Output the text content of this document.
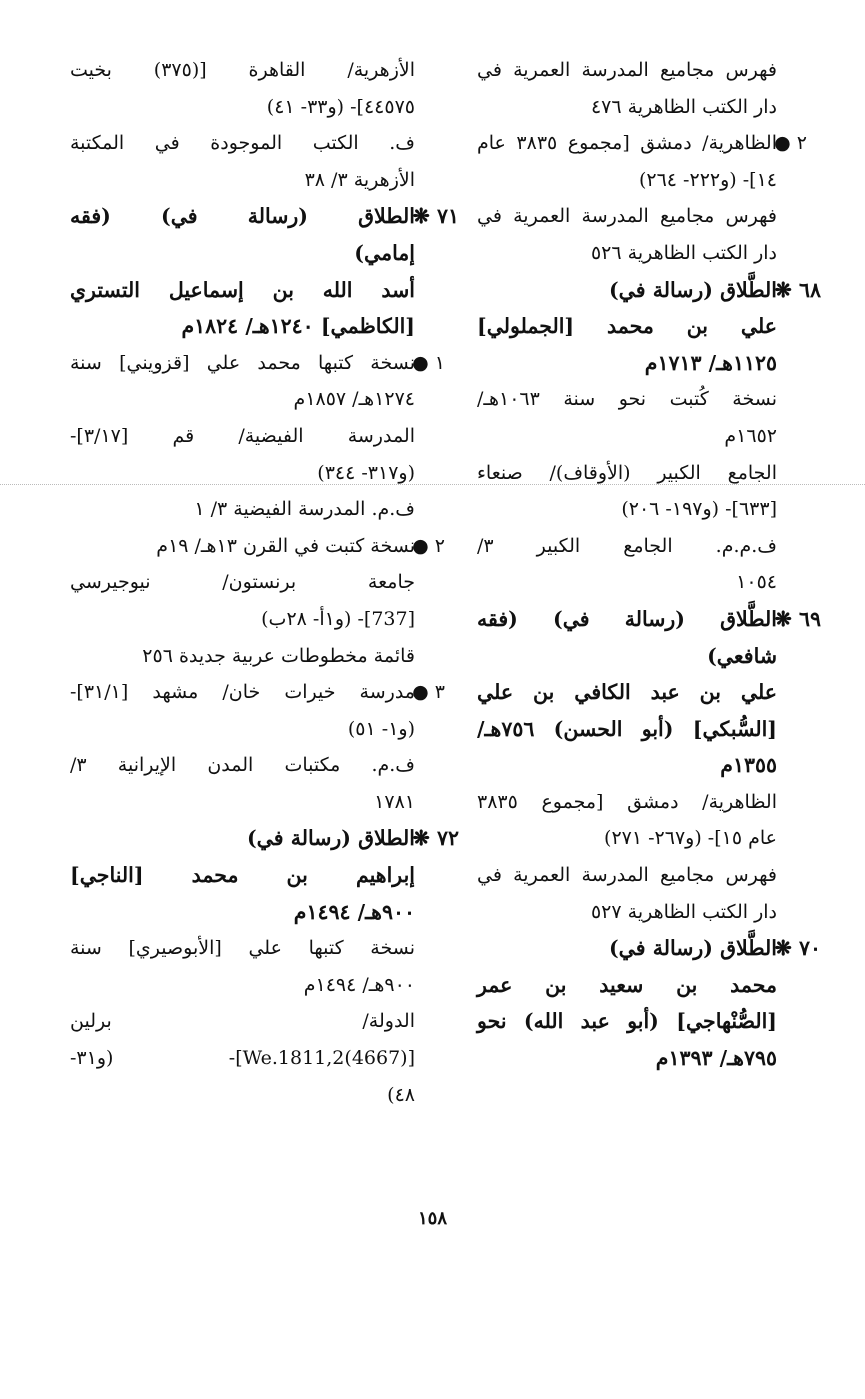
فهرس مجاميع المدرسة العمرية في
دار الكتب الظاهرية ٤٧٦
٢ ●
الظاهرية/ دمشق [مجموع ٣٨٣٥ عام
١٤]- (و٢٢٢- ٢٦٤)
فهرس مجاميع المدرسة العمرية في
دار الكتب الظاهرية ٥٢٦
٦٨ ❋
الطَّلاق (رسالة في)
علي بن محمد [الجملولي]
١١٢٥هـ/ ١٧١٣م
نسخة كُتبت نحو سنة ١٠٦٣هـ/
١٦٥٢م
الجامع الكبير (الأوقاف)/ صنعاء
[٦٣٣]- (و١٩٧- ٢٠٦)
ف.م.م. الجامع الكبير ٣/
١٠٥٤
٦٩ ❋
الطَّلاق (رسالة في) (فقه
شافعي)
علي بن عبد الكافي بن علي
[السُّبكي] (أبو الحسن) ٧٥٦هـ/
١٣٥٥م
الظاهرية/ دمشق [مجموع ٣٨٣٥
عام ١٥]- (و٢٦٧- ٢٧١)
فهرس مجاميع المدرسة العمرية في
دار الكتب الظاهرية ٥٢٧
٧٠ ❋
الطَّلاق (رسالة في)
محمد بن سعيد بن عمر
[الصُّنْهاجي] (أبو عبد الله) نحو
٧٩٥هـ/ ١٣٩٣م
الأزهرية/ القاهرة [(٣٧٥) بخيت
٤٤٥٧٥]- (و٣٣- ٤١)
ف. الكتب الموجودة في المكتبة
الأزهرية ٣/ ٣٨
٧١ ❋
الطلاق (رسالة في) (فقه
إمامي)
أسد الله بن إسماعيل التستري
[الكاظمي] ١٢٤٠هـ/ ١٨٢٤م
١ ●
نسخة كتبها محمد علي [قزويني] سنة
١٢٧٤هـ/ ١٨٥٧م
المدرسة الفيضية/ قم [٣/١٧]-
(و٣١٧- ٣٤٤)
ف.م. المدرسة الفيضية ٣/ ١
٢ ●
نسخة كتبت في القرن ١٣هـ/ ١٩م
جامعة برنستون/ نيوجيرسي
[737]- (و١أ- ٢٨ب)
قائمة مخطوطات عربية جديدة ٢٥٦
٣ ●
مدرسة خيرات خان/ مشهد [٣١/١]-
(و١- ٥١)
ف.م. مكتبات المدن الإيرانية ٣/
١٧٨١
٧٢ ❋
الطلاق (رسالة في)
إبراهيم بن محمد [الناجي]
٩٠٠هـ/ ١٤٩٤م
نسخة كتبها علي [الأبوصيري] سنة
٩٠٠هـ/ ١٤٩٤م
الدولة/ برلين
[(4667)We.1811,2]- (و٣١-
٤٨)
١٥٨
